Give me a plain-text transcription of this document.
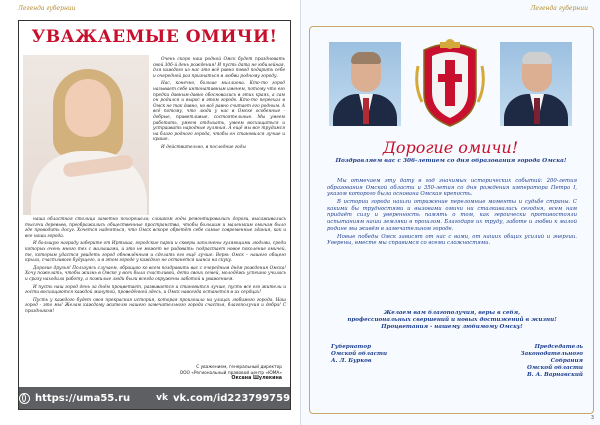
Легенда губернии
УВАЖАЕМЫЕ ОМИЧИ!

Очень скоро наш родной Омск будет праздновать свой 306-й день рождения! И пусть дата не юбилейная, для каждого из нас это всё равно повод подарить себе и очередной раз признаться в любви родному городу.

Нас, конечно, больше миллиона. Кто-то город называет себе интонативным именем, потому что его предки давным-давно обосновались в этих краях, а сам он родился и вырос в этом городе. Кто-то переехал в Омск не так давно, но всё равно считает его родным. А всё потому, что люди у нас в Омске особенные - добрые, приветливые, состоятельные. Мы умеем работать, умеем отдыхать, умеем восхищаться и устраивать народные гуляния. А ещё мы все трудимся на благо родного города, чтобы он становился лучше и краше.

И действительно, в последние годы

наша областная столица заметно похорошела: слишком годы ремонтировались дороги, высаживались тысячи деревьев, преображались общественные пространства, чтобы большим и маленьким омичам было где проводить досуг. Хочется надеяться, что Омск вскоре обретёт себе самые современные здания, как и все наши города.

И большую награду заберите от Иртыша, городские парки и скверы заполнены гуляющими людьми, среди которых очень много тех с малышами, и это не может не радовать: подрастает новое поколение омичей, те, которым удастся увидеть город обновлённым и сделать его ещё лучше. Верю: Омск – нашего общего крыла, счастливого будущего, и в этом городе у каждого не останется шанса на скуку.

Дорогие друзья! Пользуясь случаем, обращаю ко всем поздравить вас с очередным днём рождения Омска! Хочу пожелать, чтобы жизнь в Омске у всех была счастливой, дети своих семей, молодёжь успешно училась и сразу находила работу, а пожилые люди были всегда окружены заботой и уважением.

И пусть наш город день за днём процветает, развивается и становится лучше, пусть все его жители и гости восхищаются каждой минутой, проведённой здесь, и Омск навсегда останется в их сердцах!

Пусть у каждого будет своя прекрасная история, которая произошла на улицах любимого города. Наш город - это мы! Желаю каждому жителю нашего замечательного города счастья, благополучия и добра! С праздником!

С уважением, генеральный директор
ООО «Региональный правовой центр «ЮМА»
Оксана Шулекина
https://uma55.ru	vk vk.com/id223799759
Легенда губернии
Дорогие омичи!
Поздравляем вас с 306-летием со дня образования города Омска!

Мы отмечаем эту дату в год значимых исторических событий: 200-летия образования Омской области и 350-летия со дня рождения императора Петра I, указом которого была основана Омская крепость.

В истории города нашли отражение переломные моменты и судьбе страны. С какими бы трудностями и вызовами омичи ни сталкивались сегодня, всем нам придаёт силу и уверенность память о том, как героически противостояли испытаниям наши земляки в прошлом. Благодаря их труду, заботе и любви к малой родине мы живём в замечательном городе.

Новые победы Омск зависят от нас с вами, от наших общих усилий и энергии. Уверены, вместе мы справимся со всеми сложностями.

Желаем вам благополучия, веры в себя,
профессиональных свершений и новых достижений в жизни!
Процветания - нашему любимому Омску!
Губернатор
Омской области
А. Л. Бурков
Председатель
Законодательного
Собрания
Омской области
В. А. Варнавский
3
